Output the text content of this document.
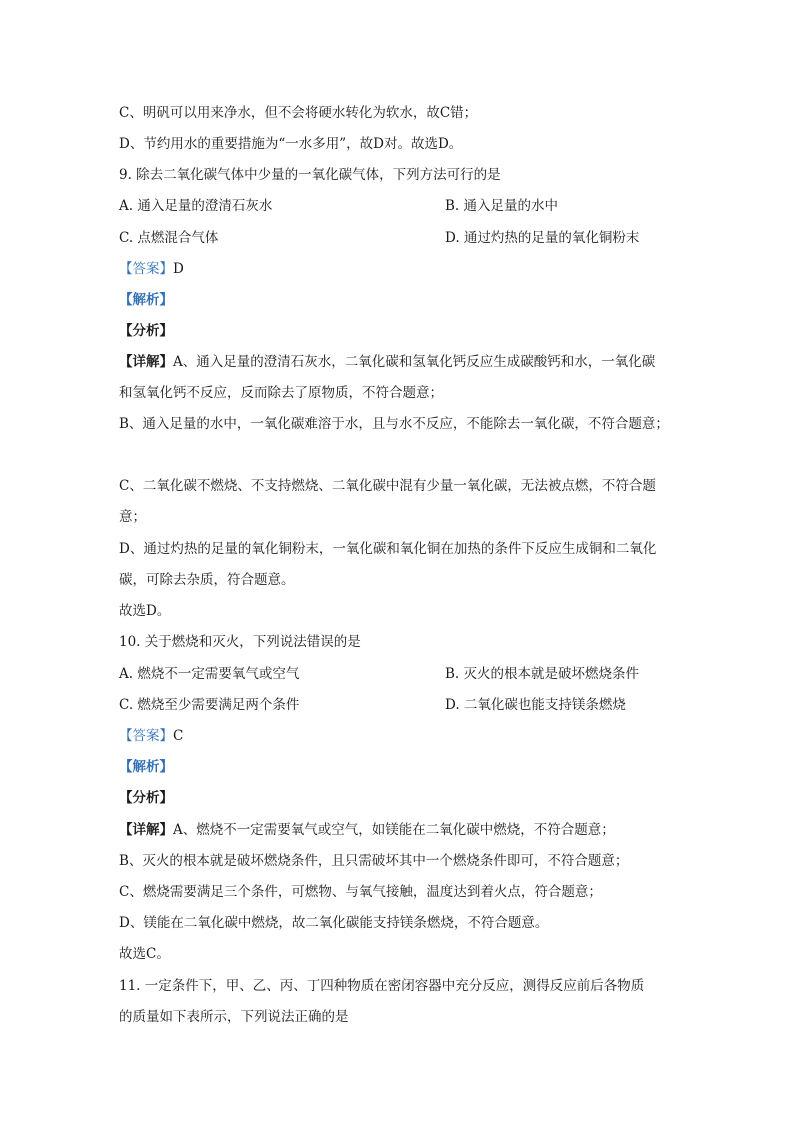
C、明矾可以用来净水，但不会将硬水转化为软水，故C错；
D、节约用水的重要措施为“一水多用”，故D对。故选D。
9. 除去二氧化碳气体中少量的一氧化碳气体，下列方法可行的是
A. 通入足量的澄清石灰水	B. 通入足量的水中
C. 点燃混合气体	D. 通过灼热的足量的氧化铜粉末
【答案】D
【解析】
【分析】
【详解】A、通入足量的澄清石灰水，二氧化碳和氢氧化钙反应生成碳酸钙和水，一氧化碳
和氢氧化钙不反应，反而除去了原物质，不符合题意；
B、通入足量的水中，一氧化碳难溶于水，且与水不反应，不能除去一氧化碳，不符合题意；
C、二氧化碳不燃烧、不支持燃烧、二氧化碳中混有少量一氧化碳，无法被点燃，不符合题
意；
D、通过灼热的足量的氧化铜粉末，一氧化碳和氧化铜在加热的条件下反应生成铜和二氧化
碳，可除去杂质，符合题意。
故选D。
10. 关于燃烧和灭火，下列说法错误的是
A. 燃烧不一定需要氧气或空气	B. 灭火的根本就是破坏燃烧条件
C. 燃烧至少需要满足两个条件	D. 二氧化碳也能支持镁条燃烧
【答案】C
【解析】
【分析】
【详解】A、燃烧不一定需要氧气或空气，如镁能在二氧化碳中燃烧，不符合题意；
B、灭火的根本就是破坏燃烧条件，且只需破坏其中一个燃烧条件即可，不符合题意；
C、燃烧需要满足三个条件，可燃物、与氧气接触，温度达到着火点，符合题意；
D、镁能在二氧化碳中燃烧，故二氧化碳能支持镁条燃烧，不符合题意。
故选C。
11. 一定条件下，甲、乙、丙、丁四种物质在密闭容器中充分反应，测得反应前后各物质
的质量如下表所示，下列说法正确的是
